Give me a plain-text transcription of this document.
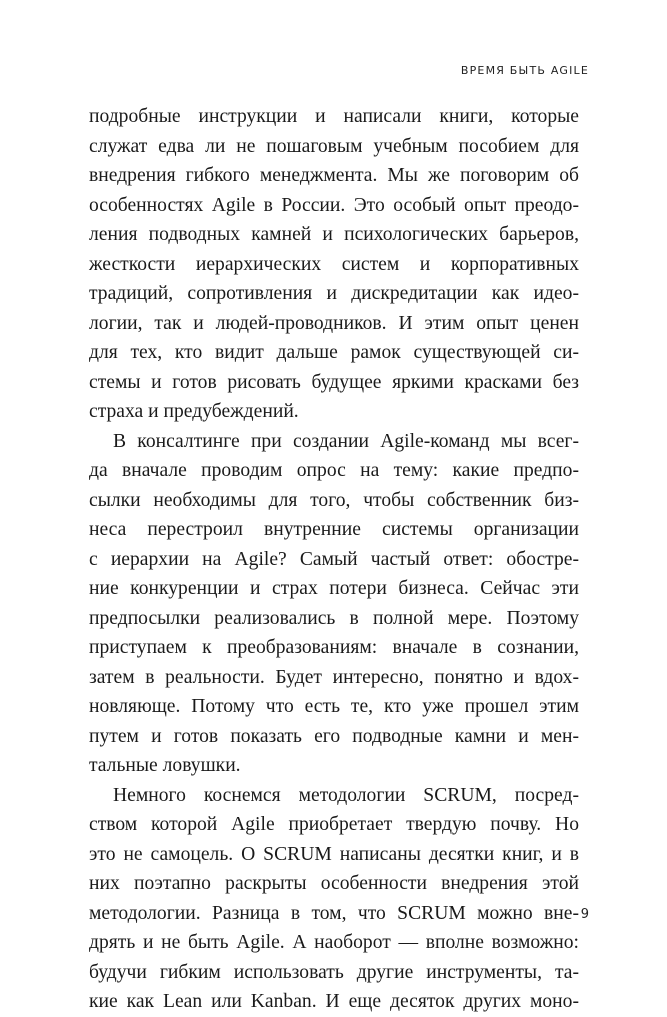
ВРЕМЯ БЫТЬ AGILE
подробные инструкции и написали книги, которые
служат едва ли не пошаговым учебным пособием для
внедрения гибкого менеджмента. Мы же поговорим об
особенностях Agile в России. Это особый опыт преодо-
ления подводных камней и психологических барьеров,
жесткости иерархических систем и корпоративных
традиций, сопротивления и дискредитации как идео-
логии, так и людей-проводников. И этим опыт ценен
для тех, кто видит дальше рамок существующей си-
стемы и готов рисовать будущее яркими красками без
страха и предубеждений.
В консалтинге при создании Agile-команд мы всег-
да вначале проводим опрос на тему: какие предпо-
сылки необходимы для того, чтобы собственник биз-
неса перестроил внутренние системы организации
с иерархии на Agile? Самый частый ответ: обостре-
ние конкуренции и страх потери бизнеса. Сейчас эти
предпосылки реализовались в полной мере. Поэтому
приступаем к преобразованиям: вначале в сознании,
затем в реальности. Будет интересно, понятно и вдох-
новляюще. Потому что есть те, кто уже прошел этим
путем и готов показать его подводные камни и мен-
тальные ловушки.
Немного коснемся методологии SCRUM, посред-
ством которой Agile приобретает твердую почву. Но
это не самоцель. О SCRUM написаны десятки книг, и в
них поэтапно раскрыты особенности внедрения этой
методологии. Разница в том, что SCRUM можно вне-
дрять и не быть Agile. А наоборот — вполне возможно:
будучи гибким использовать другие инструменты, та-
кие как Lean или Kanban. И еще десяток других моно-
9
